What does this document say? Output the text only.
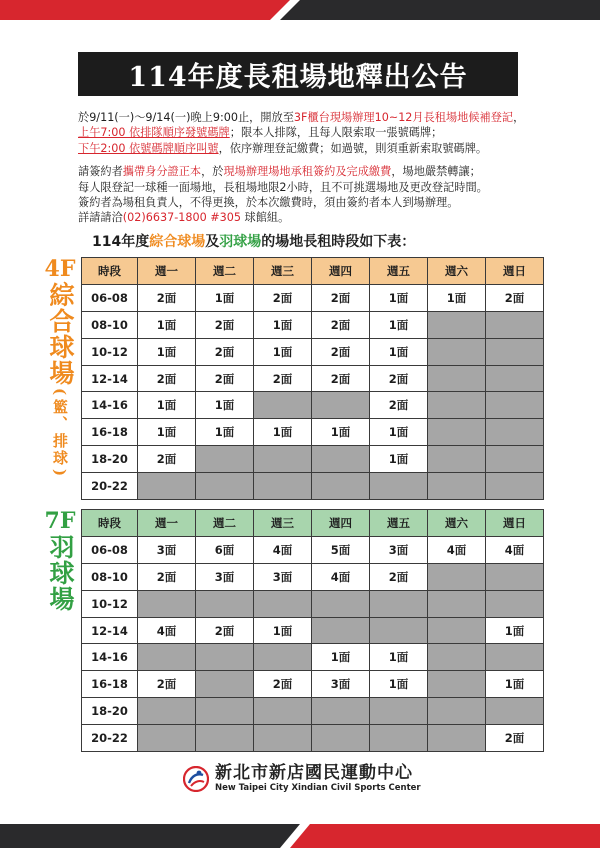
114年度長租場地釋出公告

於9/11(一)～9/14(一)晚上9:00止，開放至3F櫃台現場辦理10~12月長租場地候補登記，

上午7:00 依排隊順序發號碼牌；限本人排隊，且每人限索取一張號碼牌；

下午2:00 依號碼牌順序叫號，依序辦理登記繳費；如過號，則須重新索取號碼牌。

請簽約者攜帶身分證正本，於現場辦理場地承租簽約及完成繳費，場地嚴禁轉讓；

每人限登記一球種一面場地，長租場地限2小時，且不可挑選場地及更改登記時間。

簽約者為場租負責人，不得更換，於本次繳費時，須由簽約者本人到場辦理。

詳請請洽(02)6637-1800 #305 球館組。

114年度綜合球場及羽球場的場地長租時段如下表：
4F
綜合球場
(
籃、排球
)
7F
羽球場
時段	週一	週二	週三	週四	週五	週六	週日
06-08	2面	1面	2面	2面	1面	1面	2面
08-10	1面	2面	1面	2面	1面		
10-12	1面	2面	1面	2面	1面		
12-14	2面	2面	2面	2面	2面		
14-16	1面	1面			2面		
16-18	1面	1面	1面	1面	1面		
18-20	2面				1面		
20-22							
時段	週一	週二	週三	週四	週五	週六	週日
06-08	3面	6面	4面	5面	3面	4面	4面
08-10	2面	3面	3面	4面	2面		
10-12							
12-14	4面	2面	1面				1面
14-16				1面	1面		
16-18	2面		2面	3面	1面		1面
18-20							
20-22							2面
新北市新店國民運動中心
New Taipei City Xindian Civil Sports Center
